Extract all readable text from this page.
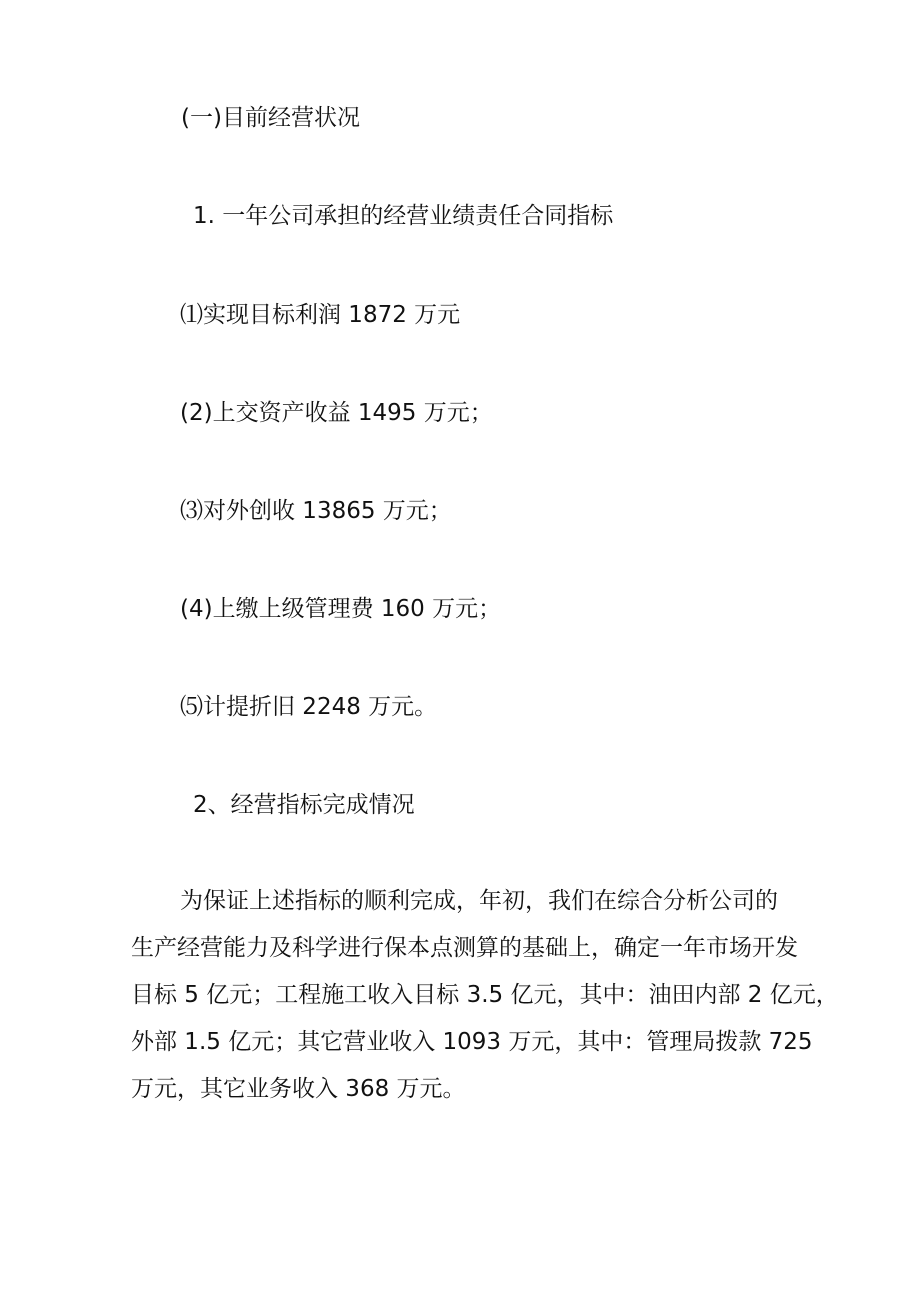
(一)目前经营状况

1. 一年公司承担的经营业绩责任合同指标

⑴实现目标利润 1872 万元

(2)上交资产收益 1495 万元；

⑶对外创收 13865 万元；

(4)上缴上级管理费 160 万元；

⑸计提折旧 2248 万元。

2、经营指标完成情况

为保证上述指标的顺利完成，年初，我们在综合分析公司的

生产经营能力及科学进行保本点测算的基础上，确定一年市场开发

目标 5 亿元；工程施工收入目标 3.5 亿元，其中：油田内部 2 亿元，

外部 1.5 亿元；其它营业收入 1093 万元，其中：管理局拨款 725

万元，其它业务收入 368 万元。
